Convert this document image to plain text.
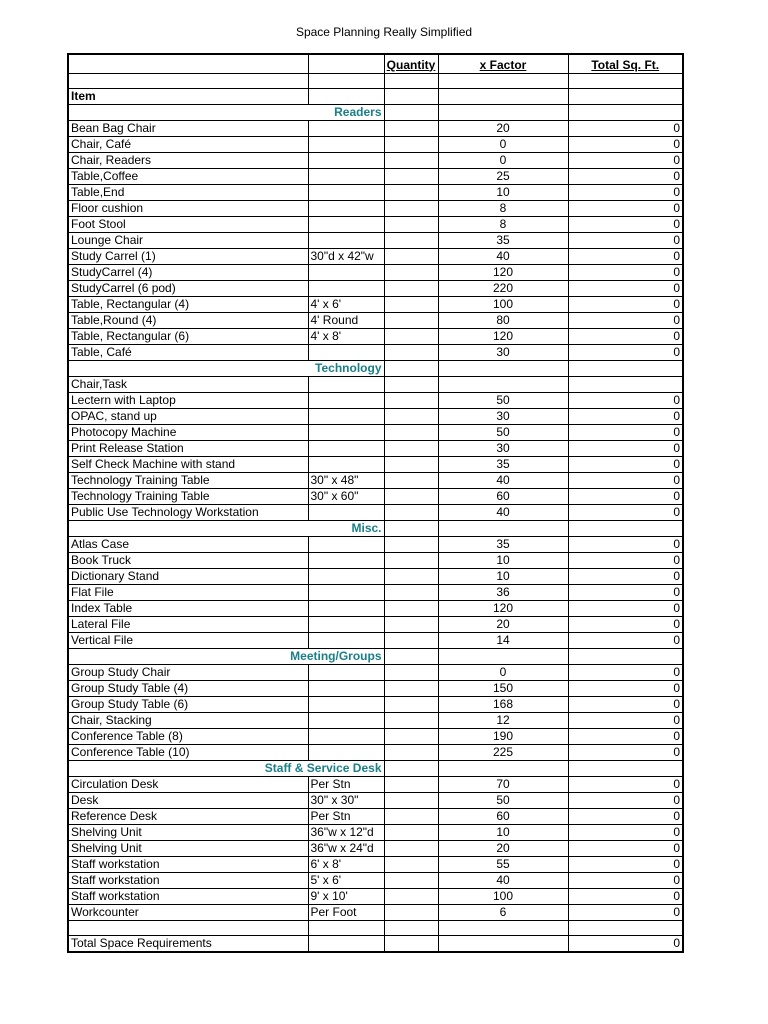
Space Planning Really Simplified
		Quantity	x Factor	Total Sq. Ft.

Item				
Readers				
Bean Bag Chair			20	0
Chair, Café			0	0
Chair, Readers			0	0
Table,Coffee			25	0
Table,End			10	0
Floor cushion			8	0
Foot Stool			8	0
Lounge Chair			35	0
Study Carrel (1)	30"d x 42"w		40	0
StudyCarrel (4)			120	0
StudyCarrel (6 pod)			220	0
Table, Rectangular (4)	4' x 6'		100	0
Table,Round (4)	4' Round		80	0
Table, Rectangular (6)	4' x 8'		120	0
Table, Café			30	0
Technology				
Chair,Task				
Lectern with Laptop			50	0
OPAC, stand up			30	0
Photocopy Machine			50	0
Print Release Station			30	0
Self Check Machine with stand			35	0
Technology Training Table	30" x 48"		40	0
Technology Training Table	30" x 60"		60	0
Public Use Technology Workstation			40	0
Misc.				
Atlas Case			35	0
Book Truck			10	0
Dictionary Stand			10	0
Flat File			36	0
Index Table			120	0
Lateral File			20	0
Vertical File			14	0
Meeting/Groups				
Group Study Chair			0	0
Group Study Table (4)			150	0
Group Study Table (6)			168	0
Chair, Stacking			12	0
Conference Table (8)			190	0
Conference Table (10)			225	0
Staff & Service Desk				
Circulation Desk	Per Stn		70	0
Desk	30" x 30"		50	0
Reference Desk	Per Stn		60	0
Shelving Unit	36"w x 12"d		10	0
Shelving Unit	36"w x 24"d		20	0
Staff workstation	6' x 8'		55	0
Staff workstation	5' x 6'		40	0
Staff workstation	9' x 10'		100	0
Workcounter	Per Foot		6	0

Total Space Requirements				0
